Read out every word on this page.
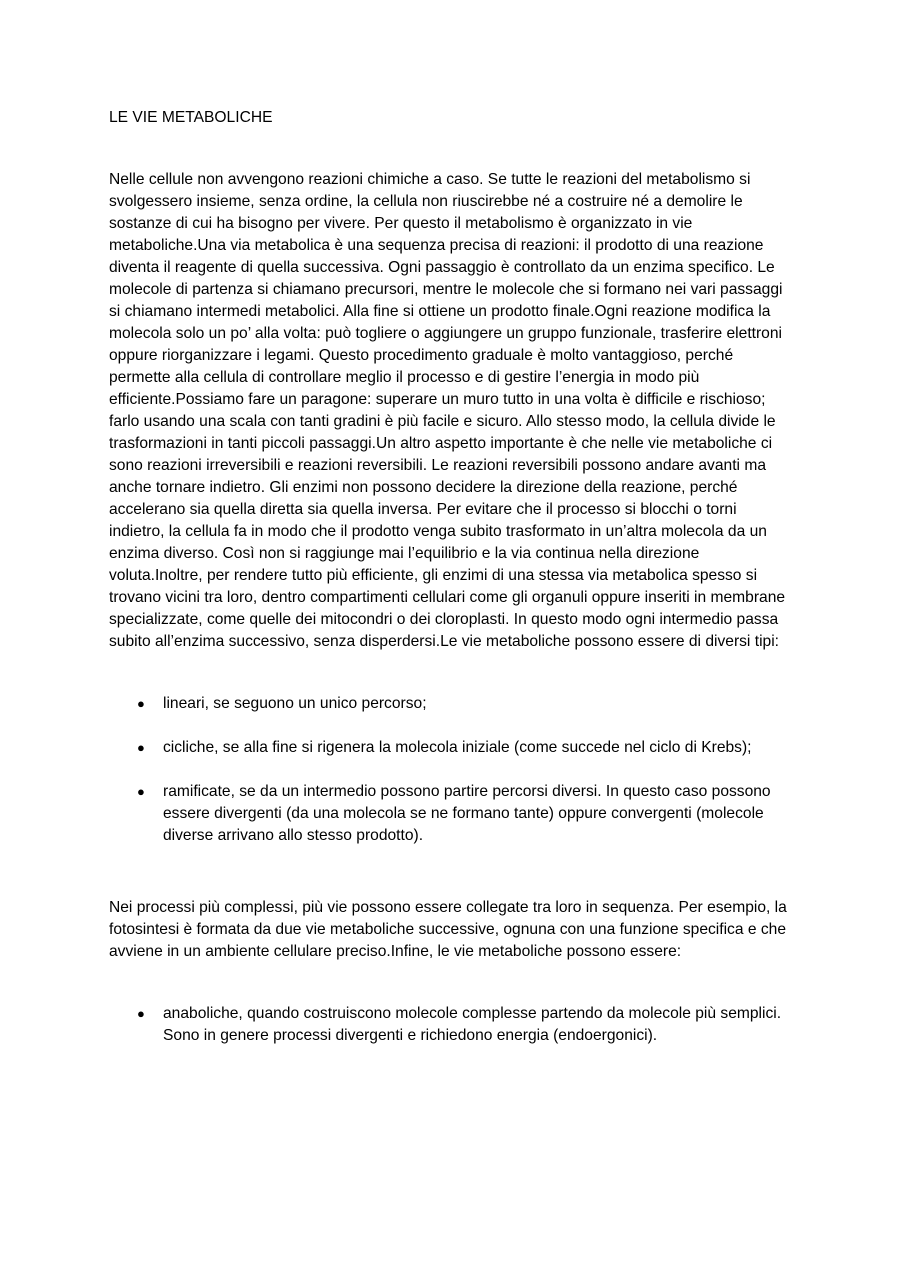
LE VIE METABOLICHE

Nelle cellule non avvengono reazioni chimiche a caso. Se tutte le reazioni del metabolismo si svolgessero insieme, senza ordine, la cellula non riuscirebbe né a costruire né a demolire le sostanze di cui ha bisogno per vivere. Per questo il metabolismo è organizzato in vie metaboliche.Una via metabolica è una sequenza precisa di reazioni: il prodotto di una reazione diventa il reagente di quella successiva. Ogni passaggio è controllato da un enzima specifico. Le molecole di partenza si chiamano precursori, mentre le molecole che si formano nei vari passaggi si chiamano intermedi metabolici. Alla fine si ottiene un prodotto finale.Ogni reazione modifica la molecola solo un po’ alla volta: può togliere o aggiungere un gruppo funzionale, trasferire elettroni oppure riorganizzare i legami. Questo procedimento graduale è molto vantaggioso, perché permette alla cellula di controllare meglio il processo e di gestire l’energia in modo più efficiente.Possiamo fare un paragone: superare un muro tutto in una volta è difficile e rischioso; farlo usando una scala con tanti gradini è più facile e sicuro. Allo stesso modo, la cellula divide le trasformazioni in tanti piccoli passaggi.Un altro aspetto importante è che nelle vie metaboliche ci sono reazioni irreversibili e reazioni reversibili. Le reazioni reversibili possono andare avanti ma anche tornare indietro. Gli enzimi non possono decidere la direzione della reazione, perché accelerano sia quella diretta sia quella inversa. Per evitare che il processo si blocchi o torni indietro, la cellula fa in modo che il prodotto venga subito trasformato in un’altra molecola da un enzima diverso. Così non si raggiunge mai l’equilibrio e la via continua nella direzione voluta.Inoltre, per rendere tutto più efficiente, gli enzimi di una stessa via metabolica spesso si trovano vicini tra loro, dentro compartimenti cellulari come gli organuli oppure inseriti in membrane specializzate, come quelle dei mitocondri o dei cloroplasti. In questo modo ogni intermedio passa subito all’enzima successivo, senza disperdersi.Le vie metaboliche possono essere di diversi tipi:

● lineari, se seguono un unico percorso;
● cicliche, se alla fine si rigenera la molecola iniziale (come succede nel ciclo di Krebs);
● ramificate, se da un intermedio possono partire percorsi diversi. In questo caso possono essere divergenti (da una molecola se ne formano tante) oppure convergenti (molecole diverse arrivano allo stesso prodotto).

Nei processi più complessi, più vie possono essere collegate tra loro in sequenza. Per esempio, la fotosintesi è formata da due vie metaboliche successive, ognuna con una funzione specifica e che avviene in un ambiente cellulare preciso.Infine, le vie metaboliche possono essere:

● anaboliche, quando costruiscono molecole complesse partendo da molecole più semplici. Sono in genere processi divergenti e richiedono energia (endoergonici).
